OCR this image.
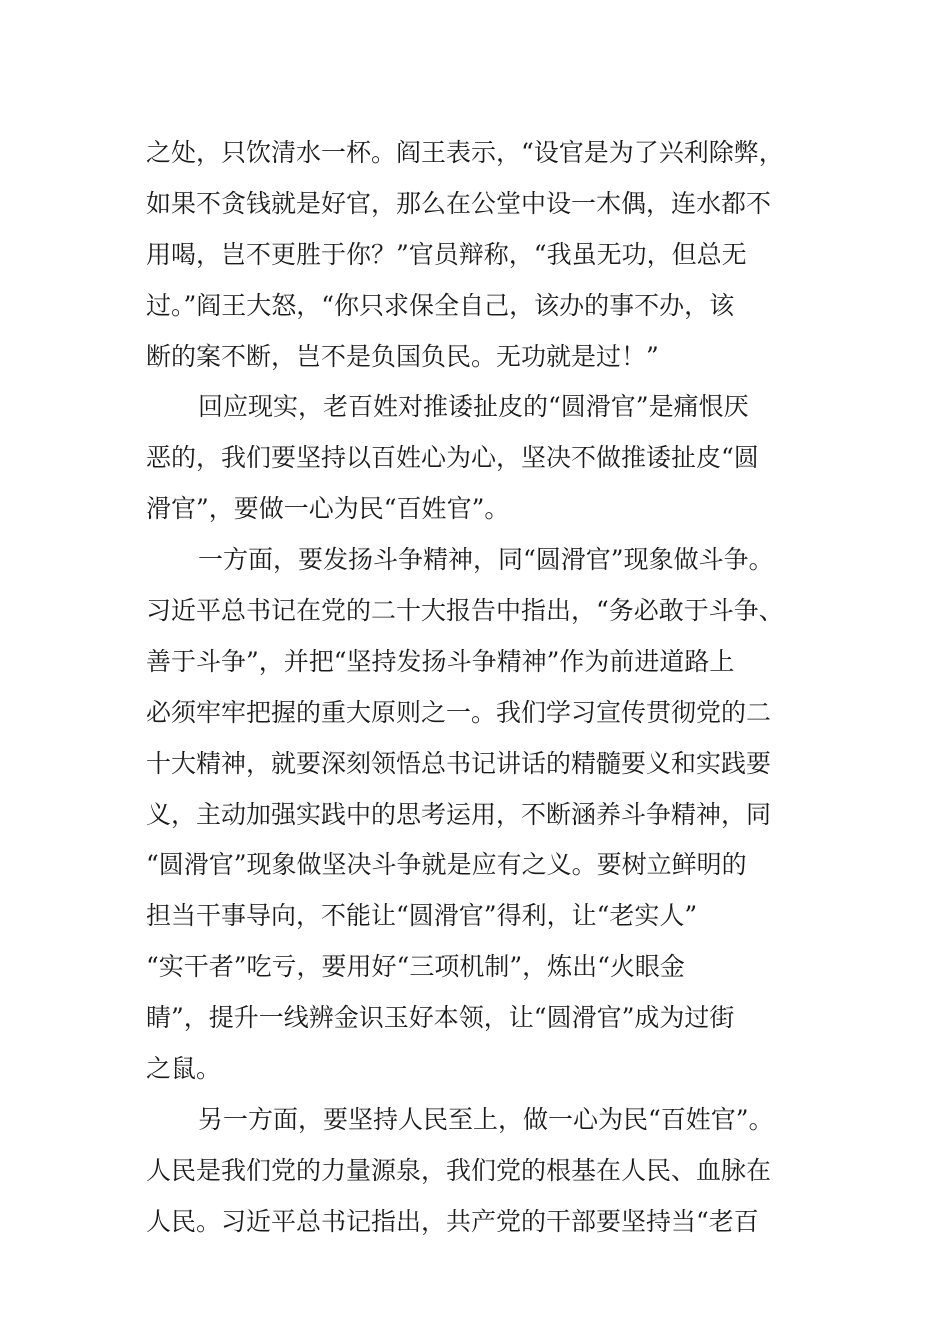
之处，只饮清水一杯。阎王表示，“设官是为了兴利除弊，
如果不贪钱就是好官，那么在公堂中设一木偶，连水都不
用喝，岂不更胜于你？”官员辩称，“我虽无功，但总无
过。”阎王大怒，“你只求保全自己，该办的事不办，该
断的案不断，岂不是负国负民。无功就是过！”
回应现实，老百姓对推诿扯皮的“圆滑官”是痛恨厌
恶的，我们要坚持以百姓心为心，坚决不做推诿扯皮“圆
滑官”，要做一心为民“百姓官”。
一方面，要发扬斗争精神，同“圆滑官”现象做斗争。
习近平总书记在党的二十大报告中指出，“务必敢于斗争、
善于斗争”，并把“坚持发扬斗争精神”作为前进道路上
必须牢牢把握的重大原则之一。我们学习宣传贯彻党的二
十大精神，就要深刻领悟总书记讲话的精髓要义和实践要
义，主动加强实践中的思考运用，不断涵养斗争精神，同
“圆滑官”现象做坚决斗争就是应有之义。要树立鲜明的
担当干事导向，不能让“圆滑官”得利，让“老实人”
“实干者”吃亏，要用好“三项机制”，炼出“火眼金
睛”，提升一线辨金识玉好本领，让“圆滑官”成为过街
之鼠。
另一方面，要坚持人民至上，做一心为民“百姓官”。
人民是我们党的力量源泉，我们党的根基在人民、血脉在
人民。习近平总书记指出，共产党的干部要坚持当“老百
